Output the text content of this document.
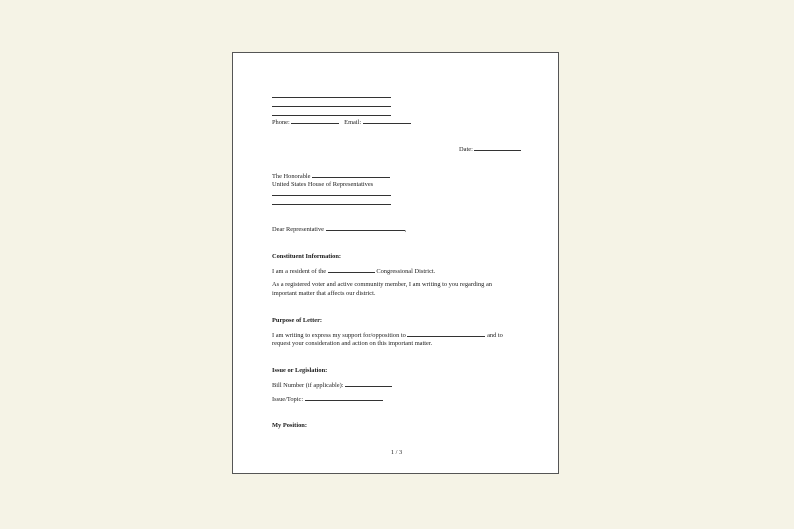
Phone:	Email:
Date:
The Honorable
United States House of Representatives
Dear Representative	,
Constituent Information:
I am a resident of the	Congressional District.
As a registered voter and active community member, I am writing to you regarding an important matter that affects our district.
Purpose of Letter:
I am writing to express my support for/opposition to	and to
request your consideration and action on this important matter.
Issue or Legislation:
Bill Number (if applicable):
Issue/Topic:
My Position:
1 / 3
